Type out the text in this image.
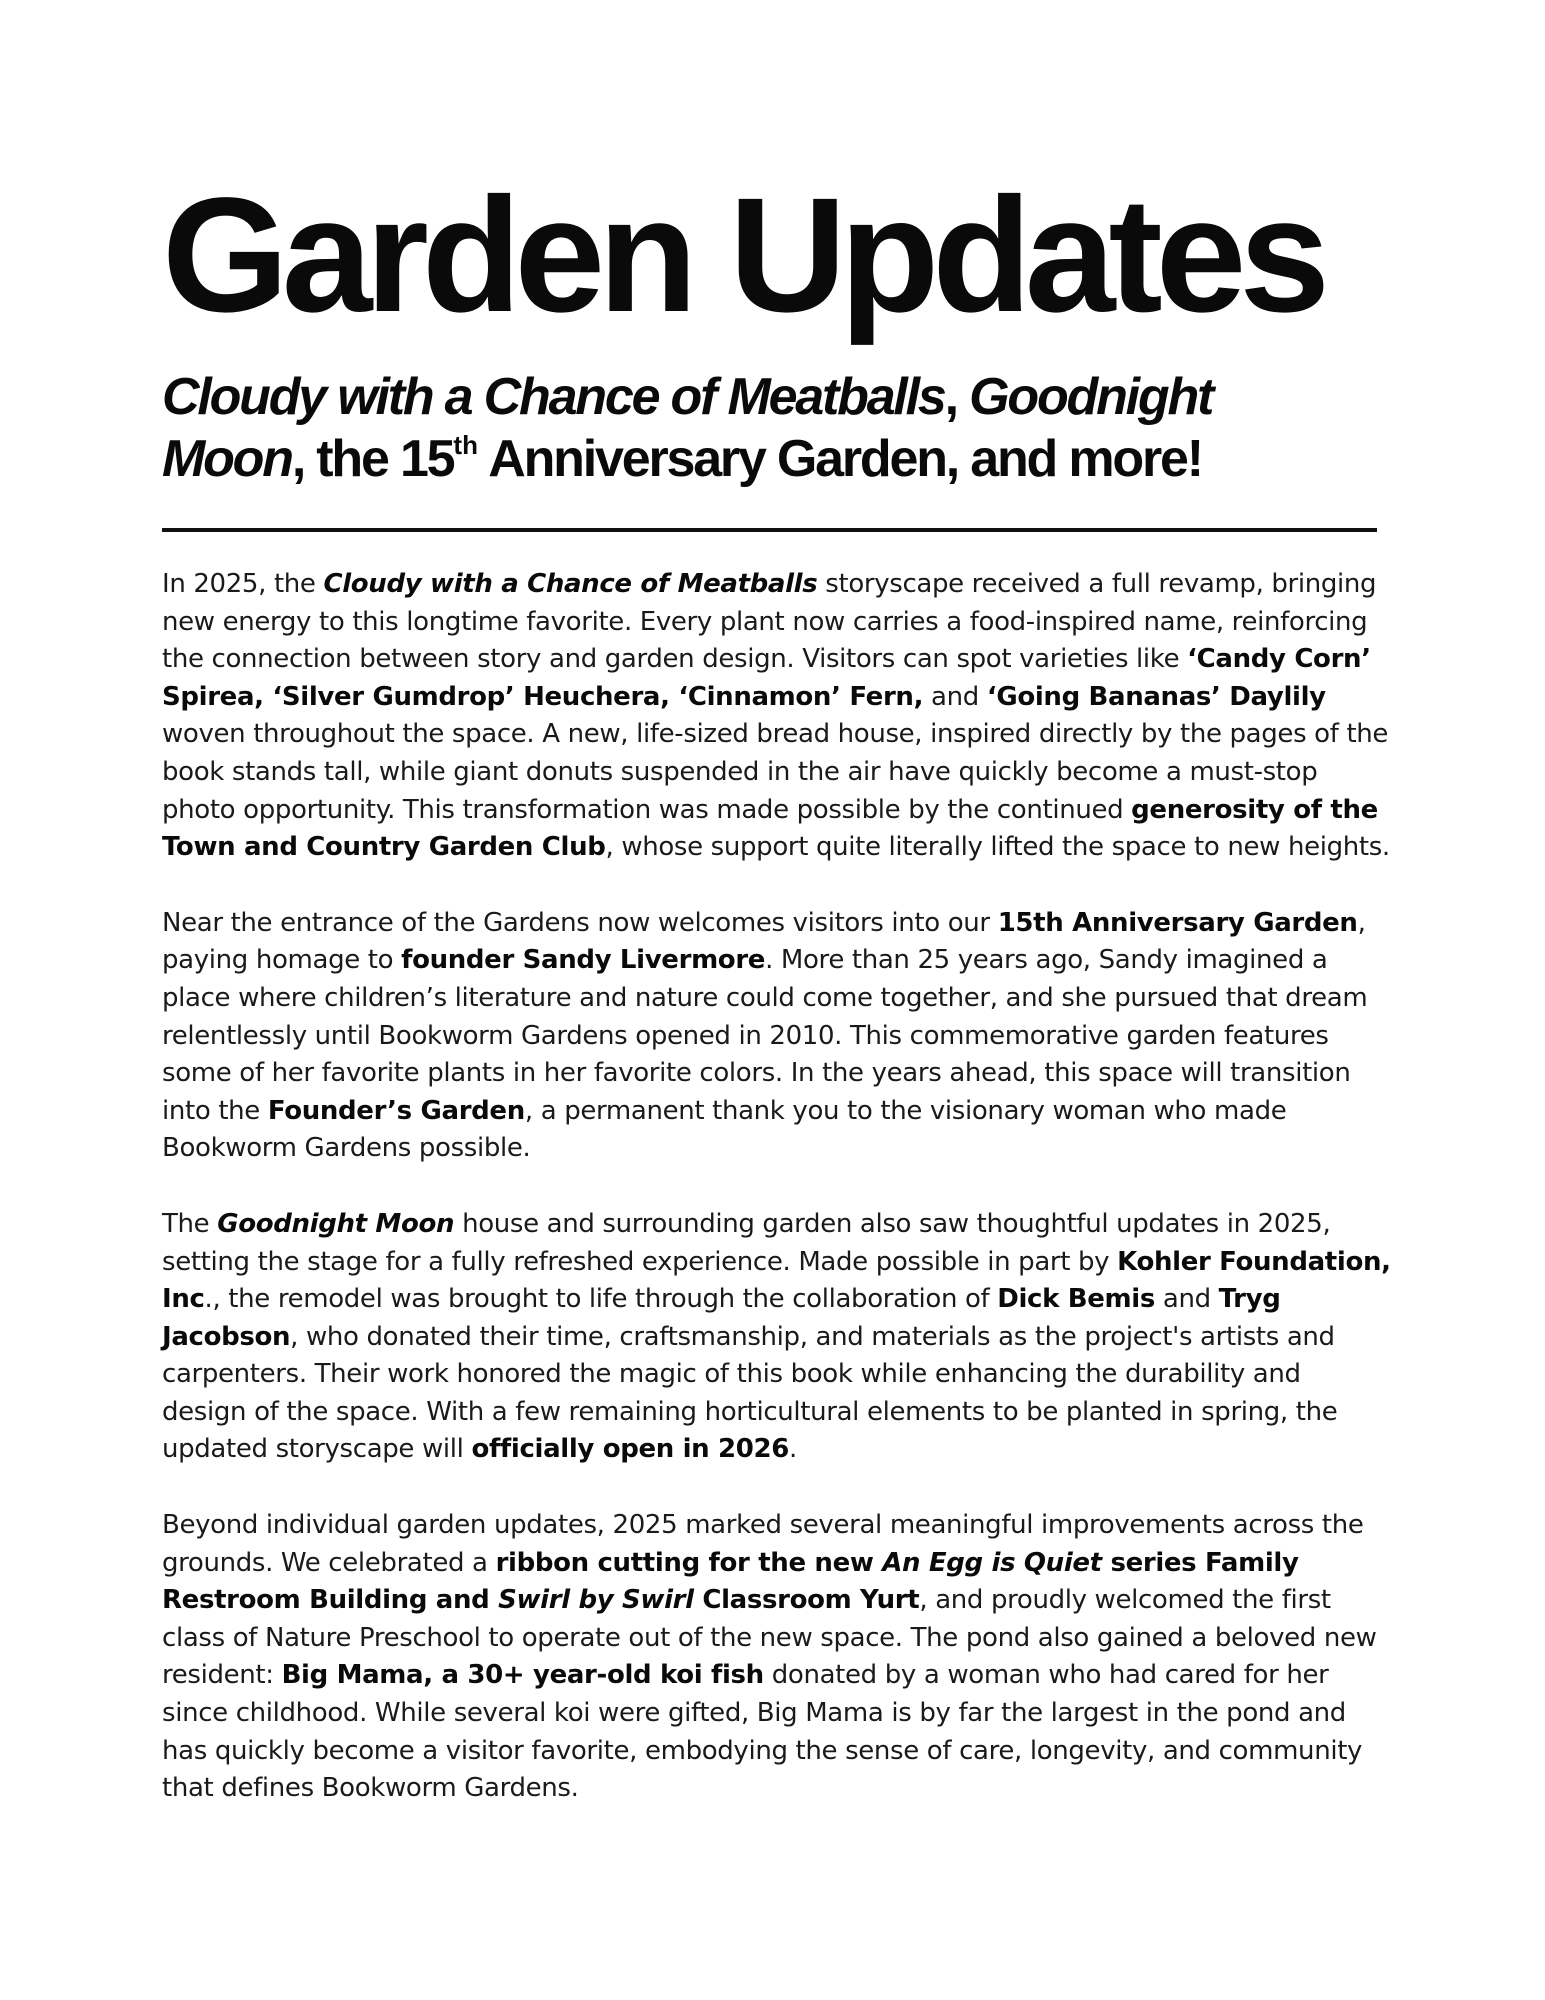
Garden Updates
Cloudy with a Chance of Meatballs, Goodnight
Moon, the 15th Anniversary Garden, and more!

In 2025, the Cloudy with a Chance of Meatballs storyscape received a full revamp, bringing new energy to this longtime favorite. Every plant now carries a food-inspired name, reinforcing the connection between story and garden design. Visitors can spot varieties like ‘Candy Corn’ Spirea, ‘Silver Gumdrop’ Heuchera, ‘Cinnamon’ Fern, and ‘Going Bananas’ Daylily woven throughout the space. A new, life-sized bread house, inspired directly by the pages of the book stands tall, while giant donuts suspended in the air have quickly become a must-stop photo opportunity. This transformation was made possible by the continued generosity of the Town and Country Garden Club, whose support quite literally lifted the space to new heights.

Near the entrance of the Gardens now welcomes visitors into our 15th Anniversary Garden, paying homage to founder Sandy Livermore. More than 25 years ago, Sandy imagined a place where children’s literature and nature could come together, and she pursued that dream relentlessly until Bookworm Gardens opened in 2010. This commemorative garden features some of her favorite plants in her favorite colors. In the years ahead, this space will transition into the Founder’s Garden, a permanent thank you to the visionary woman who made Bookworm Gardens possible.

The Goodnight Moon house and surrounding garden also saw thoughtful updates in 2025, setting the stage for a fully refreshed experience. Made possible in part by Kohler Foundation, Inc., the remodel was brought to life through the collaboration of Dick Bemis and Tryg Jacobson, who donated their time, craftsmanship, and materials as the project's artists and carpenters. Their work honored the magic of this book while enhancing the durability and design of the space. With a few remaining horticultural elements to be planted in spring, the updated storyscape will officially open in 2026.

Beyond individual garden updates, 2025 marked several meaningful improvements across the grounds. We celebrated a ribbon cutting for the new An Egg is Quiet series Family Restroom Building and Swirl by Swirl Classroom Yurt, and proudly welcomed the first class of Nature Preschool to operate out of the new space. The pond also gained a beloved new resident: Big Mama, a 30+ year-old koi fish donated by a woman who had cared for her since childhood. While several koi were gifted, Big Mama is by far the largest in the pond and has quickly become a visitor favorite, embodying the sense of care, longevity, and community that defines Bookworm Gardens.
